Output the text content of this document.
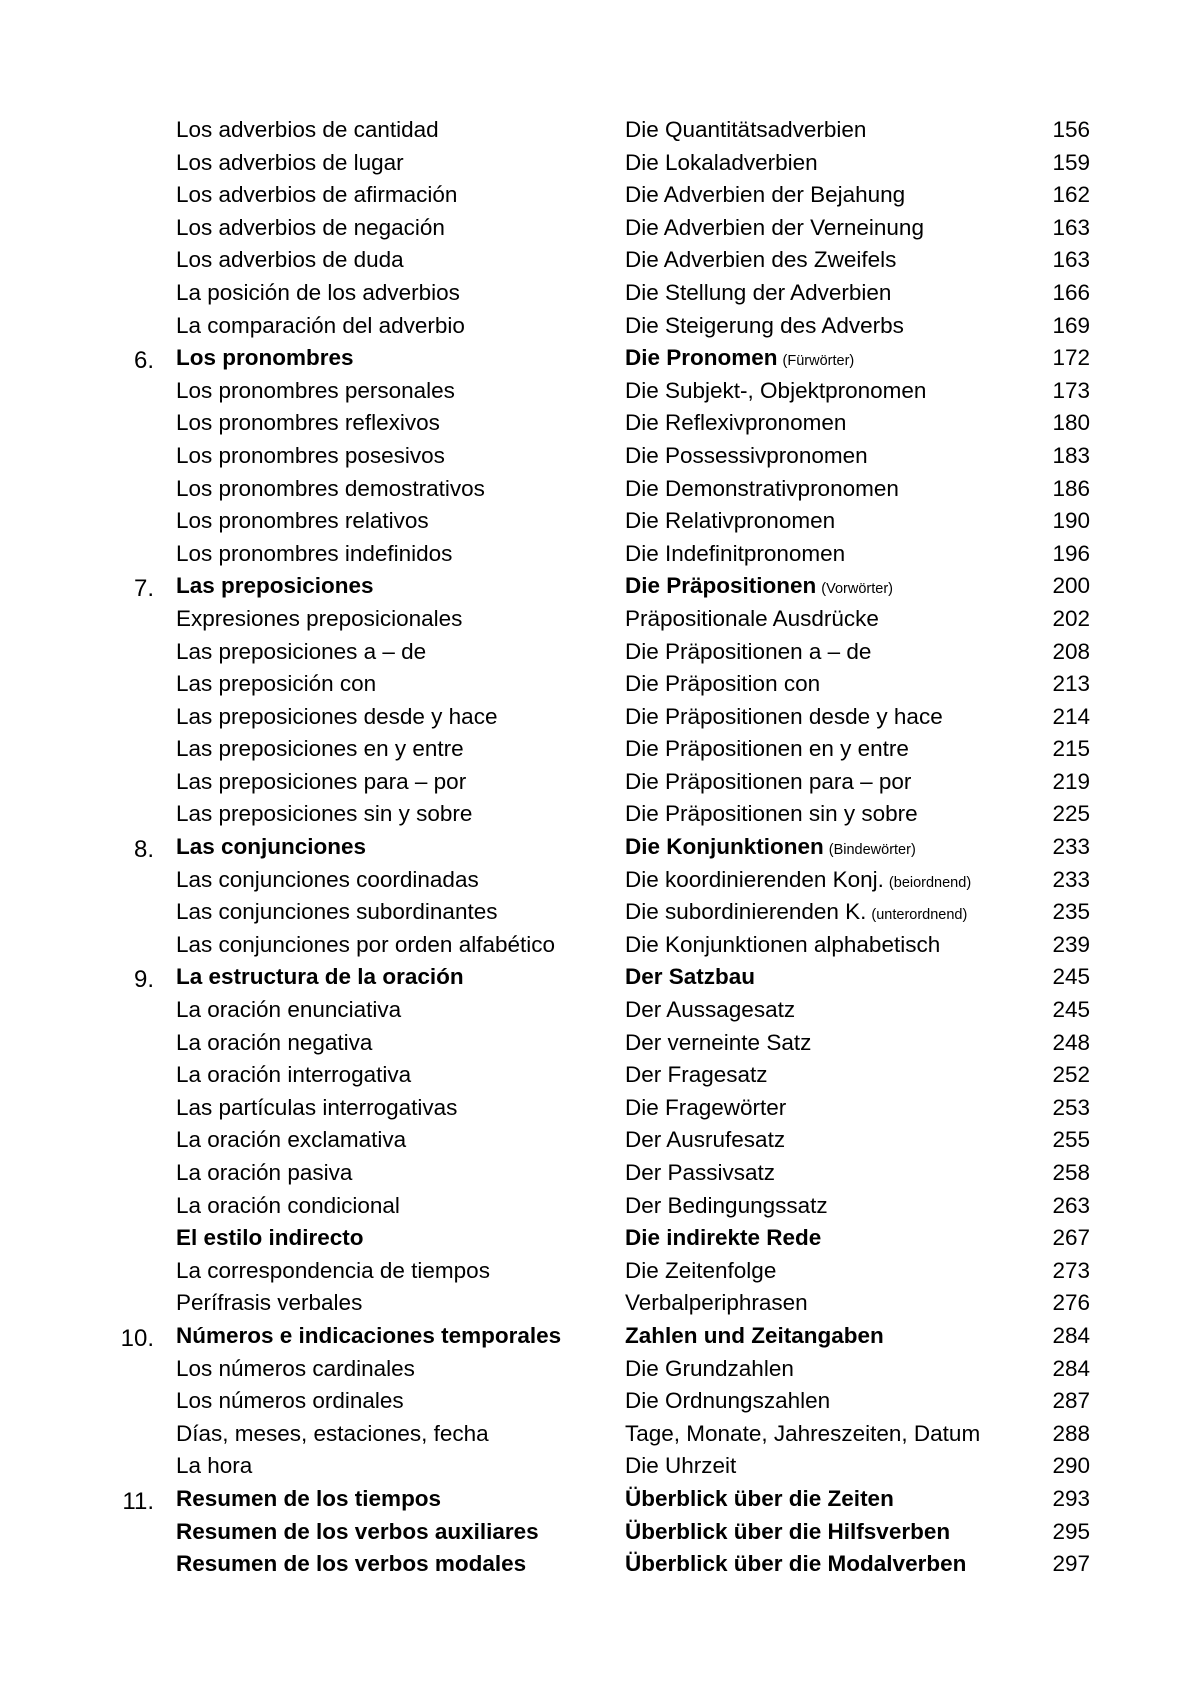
Los adverbios de cantidad	Die Quantitätsadverbien	156
Los adverbios de lugar	Die Lokaladverbien	159
Los adverbios de afirmación	Die Adverbien der Bejahung	162
Los adverbios de negación	Die Adverbien der Verneinung	163
Los adverbios de duda	Die Adverbien des Zweifels	163
La posición de los adverbios	Die Stellung der Adverbien	166
La comparación del adverbio	Die Steigerung des Adverbs	169
6. Los pronombres	Die Pronomen (Fürwörter)	172
Los pronombres personales	Die Subjekt-, Objektpronomen	173
Los pronombres reflexivos	Die Reflexivpronomen	180
Los pronombres posesivos	Die Possessivpronomen	183
Los pronombres demostrativos	Die Demonstrativpronomen	186
Los pronombres relativos	Die Relativpronomen	190
Los pronombres indefinidos	Die Indefinitpronomen	196
7. Las preposiciones	Die Präpositionen (Vorwörter)	200
Expresiones preposicionales	Präpositionale Ausdrücke	202
Las preposiciones a – de	Die Präpositionen a – de	208
Las preposición con	Die Präposition con	213
Las preposiciones desde y hace	Die Präpositionen desde y hace	214
Las preposiciones en y entre	Die Präpositionen en y entre	215
Las preposiciones para – por	Die Präpositionen para – por	219
Las preposiciones sin y sobre	Die Präpositionen sin y sobre	225
8. Las conjunciones	Die Konjunktionen (Bindewörter)	233
Las conjunciones coordinadas	Die koordinierenden Konj. (beiordnend)	233
Las conjunciones subordinantes	Die subordinierenden K. (unterordnend)	235
Las conjunciones por orden alfabético	Die Konjunktionen alphabetisch	239
9. La estructura de la oración	Der Satzbau	245
La oración enunciativa	Der Aussagesatz	245
La oración negativa	Der verneinte Satz	248
La oración interrogativa	Der Fragesatz	252
Las partículas interrogativas	Die Fragewörter	253
La oración exclamativa	Der Ausrufesatz	255
La oración pasiva	Der Passivsatz	258
La oración condicional	Der Bedingungssatz	263
El estilo indirecto	Die indirekte Rede	267
La correspondencia de tiempos	Die Zeitenfolge	273
Perífrasis verbales	Verbalperiphrasen	276
10. Números e indicaciones temporales	Zahlen und Zeitangaben	284
Los números cardinales	Die Grundzahlen	284
Los números ordinales	Die Ordnungszahlen	287
Días, meses, estaciones, fecha	Tage, Monate, Jahreszeiten, Datum	288
La hora	Die Uhrzeit	290
11. Resumen de los tiempos	Überblick über die Zeiten	293
Resumen de los verbos auxiliares	Überblick über die Hilfsverben	295
Resumen de los verbos modales	Überblick über die Modalverben	297
